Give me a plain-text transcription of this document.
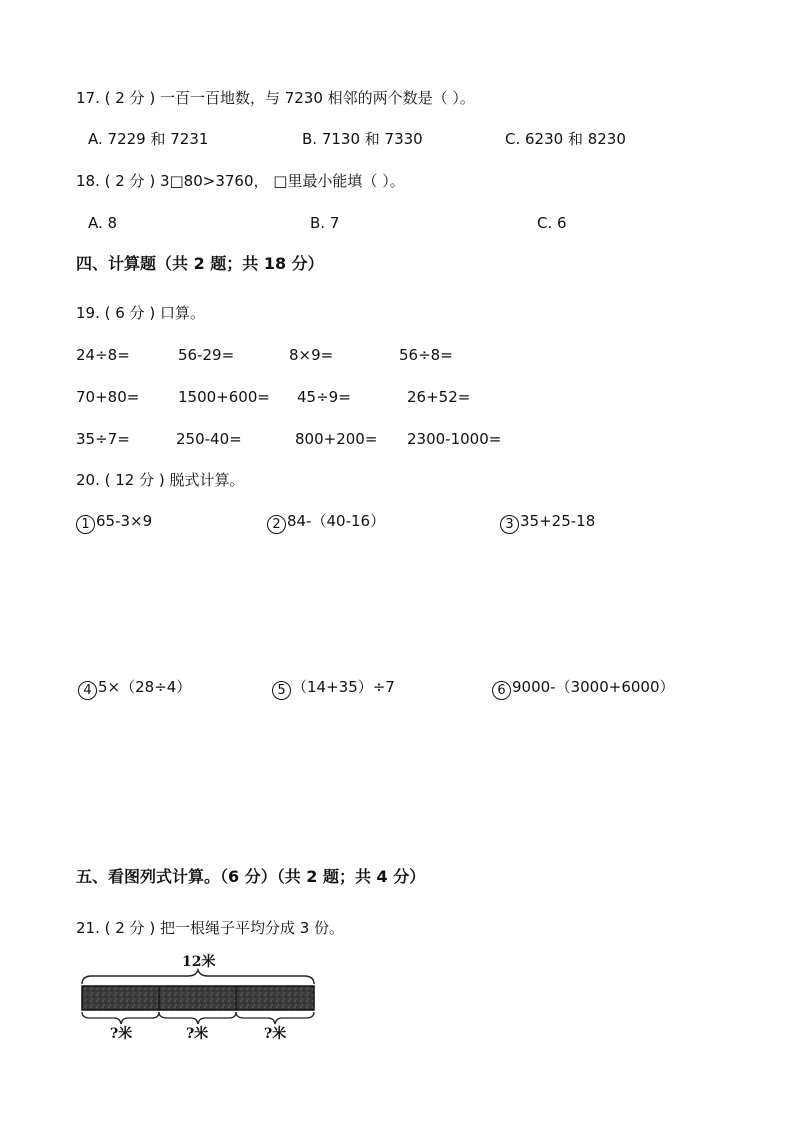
17. ( 2 分 ) 一百一百地数，与 7230 相邻的两个数是（ ）。
A. 7229 和 7231	B. 7130 和 7330	C. 6230 和 8230
18. ( 2 分 ) 3□80>3760， □里最小能填（ ）。
A. 8	B. 7	C. 6
四、计算题（共 2 题；共 18 分）
19. ( 6 分 ) 口算。
24÷8=	56-29=	8×9=	56÷8=
70+80=	1500+600= 45÷9=	26+52=
35÷7=	250-40=	800+200= 2300-1000=
20. ( 12 分 ) 脱式计算。
1 65-3×9	2 84-（40-16）	3 35+25-18
4 5×（28÷4）	5 （14+35）÷7	6 9000-（3000+6000）
五、看图列式计算。（6 分）（共 2 题；共 4 分）
21. ( 2 分 ) 把一根绳子平均分成 3 份。
12米
?米	?米	?米
